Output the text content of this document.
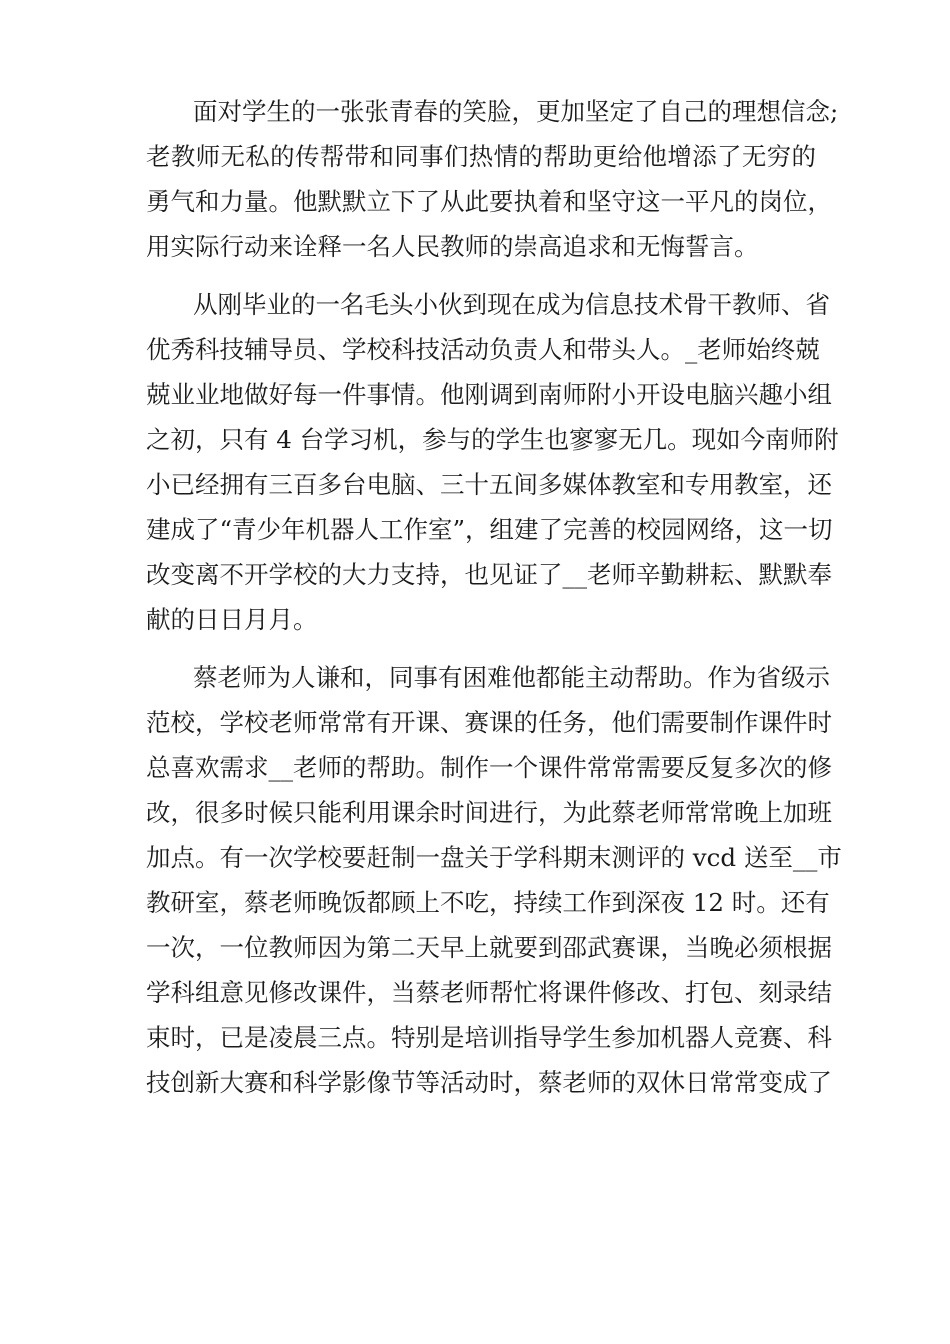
面对学生的一张张青春的笑脸，更加坚定了自己的理想信念;
老教师无私的传帮带和同事们热情的帮助更给他增添了无穷的
勇气和力量。他默默立下了从此要执着和坚守这一平凡的岗位，
用实际行动来诠释一名人民教师的崇高追求和无悔誓言。
从刚毕业的一名毛头小伙到现在成为信息技术骨干教师、省
优秀科技辅导员、学校科技活动负责人和带头人。_老师始终兢
兢业业地做好每一件事情。他刚调到南师附小开设电脑兴趣小组
之初，只有 4 台学习机，参与的学生也寥寥无几。现如今南师附
小已经拥有三百多台电脑、三十五间多媒体教室和专用教室，还
建成了“青少年机器人工作室”，组建了完善的校园网络，这一切
改变离不开学校的大力支持，也见证了__老师辛勤耕耘、默默奉
献的日日月月。
蔡老师为人谦和，同事有困难他都能主动帮助。作为省级示
范校，学校老师常常有开课、赛课的任务，他们需要制作课件时
总喜欢需求__老师的帮助。制作一个课件常常需要反复多次的修
改，很多时候只能利用课余时间进行，为此蔡老师常常晚上加班
加点。有一次学校要赶制一盘关于学科期末测评的 vcd 送至__市
教研室，蔡老师晚饭都顾上不吃，持续工作到深夜 12 时。还有
一次，一位教师因为第二天早上就要到邵武赛课，当晚必须根据
学科组意见修改课件，当蔡老师帮忙将课件修改、打包、刻录结
束时，已是凌晨三点。特别是培训指导学生参加机器人竞赛、科
技创新大赛和科学影像节等活动时，蔡老师的双休日常常变成了
